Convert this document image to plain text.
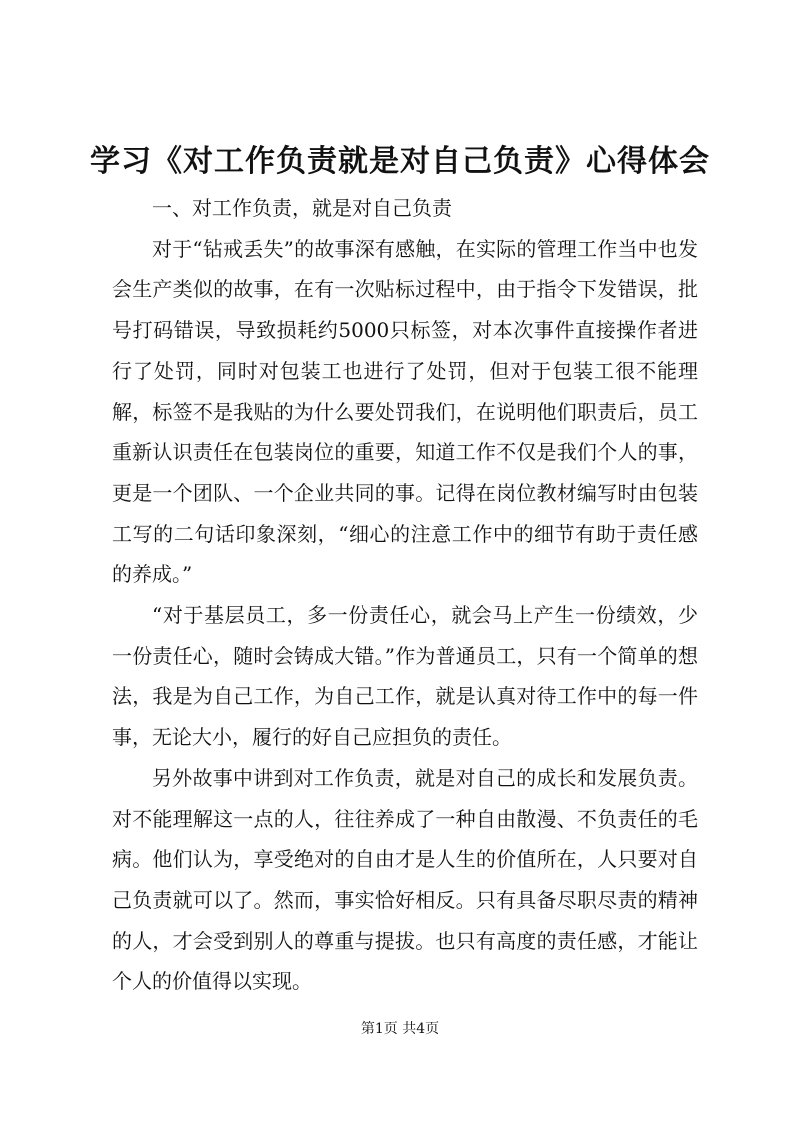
学习《对工作负责就是对自己负责》心得体会

一、对工作负责，就是对自己负责

对于“钻戒丢失”的故事深有感触，在实际的管理工作当中也发会生产类似的故事，在有一次贴标过程中，由于指令下发错误，批号打码错误，导致损耗约5000只标签，对本次事件直接操作者进行了处罚，同时对包装工也进行了处罚，但对于包装工很不能理解，标签不是我贴的为什么要处罚我们，在说明他们职责后，员工重新认识责任在包装岗位的重要，知道工作不仅是我们个人的事，更是一个团队、一个企业共同的事。记得在岗位教材编写时由包装工写的二句话印象深刻，“细心的注意工作中的细节有助于责任感的养成。”

“对于基层员工，多一份责任心，就会马上产生一份绩效，少一份责任心，随时会铸成大错。”作为普通员工，只有一个简单的想法，我是为自己工作，为自己工作，就是认真对待工作中的每一件事，无论大小，履行的好自己应担负的责任。

另外故事中讲到对工作负责，就是对自己的成长和发展负责。对不能理解这一点的人，往往养成了一种自由散漫、不负责任的毛病。他们认为，享受绝对的自由才是人生的价值所在，人只要对自己负责就可以了。然而，事实恰好相反。只有具备尽职尽责的精神的人，才会受到别人的尊重与提拔。也只有高度的责任感，才能让个人的价值得以实现。

第1页 共4页
